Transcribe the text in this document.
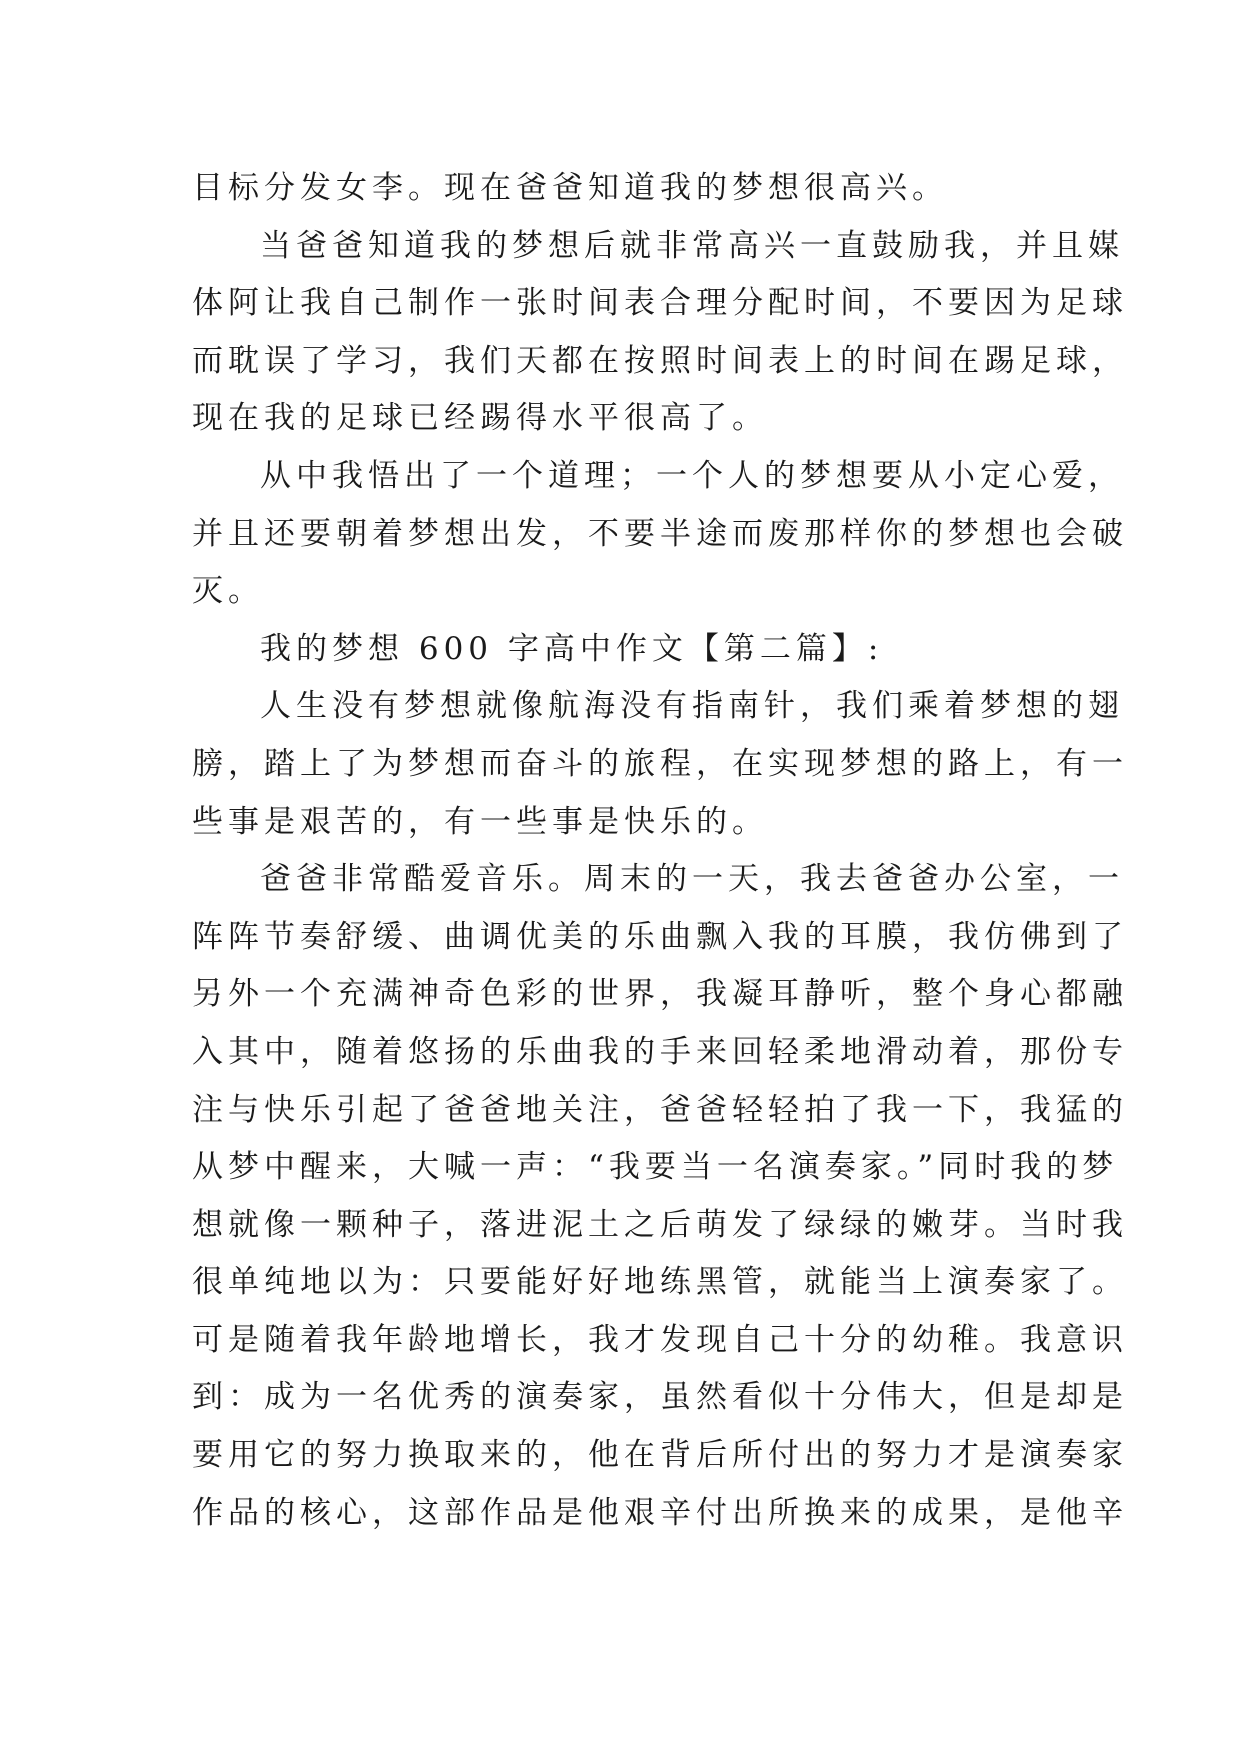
目标分发女李。现在爸爸知道我的梦想很高兴。
当爸爸知道我的梦想后就非常高兴一直鼓励我，并且媒
体阿让我自己制作一张时间表合理分配时间，不要因为足球
而耽误了学习，我们天都在按照时间表上的时间在踢足球，
现在我的足球已经踢得水平很高了。
从中我悟出了一个道理；一个人的梦想要从小定心爱，
并且还要朝着梦想出发，不要半途而废那样你的梦想也会破
灭。
我的梦想 600 字高中作文【第二篇】:
人生没有梦想就像航海没有指南针，我们乘着梦想的翅
膀，踏上了为梦想而奋斗的旅程，在实现梦想的路上，有一
些事是艰苦的，有一些事是快乐的。
爸爸非常酷爱音乐。周末的一天，我去爸爸办公室，一
阵阵节奏舒缓、曲调优美的乐曲飘入我的耳膜，我仿佛到了
另外一个充满神奇色彩的世界，我凝耳静听，整个身心都融
入其中，随着悠扬的乐曲我的手来回轻柔地滑动着，那份专
注与快乐引起了爸爸地关注，爸爸轻轻拍了我一下，我猛的
从梦中醒来，大喊一声：“我要当一名演奏家。”同时我的梦
想就像一颗种子，落进泥土之后萌发了绿绿的嫩芽。当时我
很单纯地以为：只要能好好地练黑管，就能当上演奏家了。
可是随着我年龄地增长，我才发现自己十分的幼稚。我意识
到：成为一名优秀的演奏家，虽然看似十分伟大，但是却是
要用它的努力换取来的，他在背后所付出的努力才是演奏家
作品的核心，这部作品是他艰辛付出所换来的成果，是他辛
